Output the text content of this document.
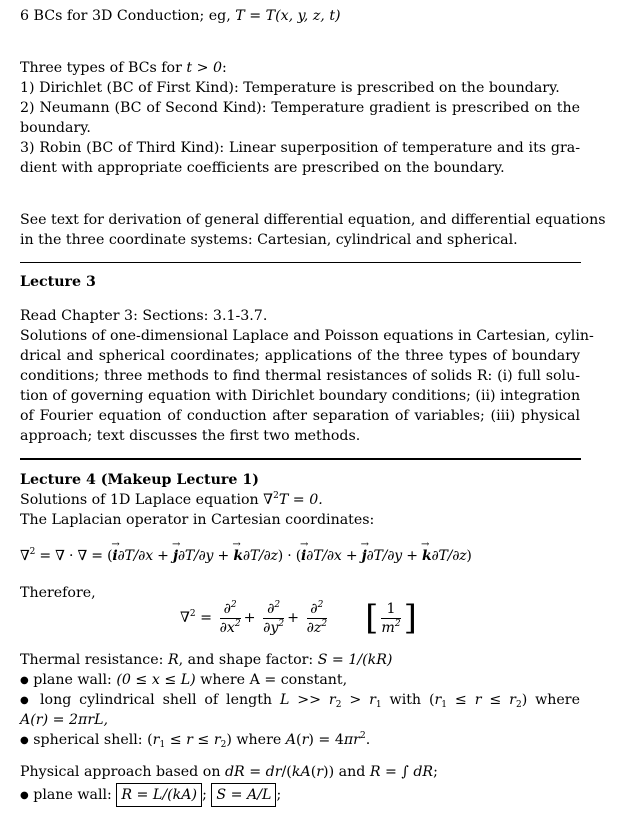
6 BCs for 3D Conduction; eg, T = T(x, y, z, t)
Three types of BCs for t > 0:
1) Dirichlet (BC of First Kind): Temperature is prescribed on the boundary.
2) Neumann (BC of Second Kind): Temperature gradient is prescribed on the
boundary.
3) Robin (BC of Third Kind): Linear superposition of temperature and its gra-
dient with appropriate coefficients are prescribed on the boundary.
See text for derivation of general differential equation, and differential equations
in the three coordinate systems: Cartesian, cylindrical and spherical.
Lecture 3
Read Chapter 3: Sections: 3.1-3.7.
Solutions of one-dimensional Laplace and Poisson equations in Cartesian, cylin-
drical and spherical coordinates; applications of the three types of boundary
conditions; three methods to find thermal resistances of solids R: (i) full solu-
tion of governing equation with Dirichlet boundary conditions; (ii) integration
of Fourier equation of conduction after separation of variables; (iii) physical
approach; text discusses the first two methods.
Lecture 4 (Makeup Lecture 1)
Solutions of 1D Laplace equation ∇$^2$T = 0.
The Laplacian operator in Cartesian coordinates:
∇$^2$ = ∇ · ∇ = (→ i∂T/∂x + → j∂T/∂y + → k∂T/∂z) · (→ i∂T/∂x + → j∂T/∂y + → k∂T/∂z)
Therefore,
$\nabla^2 = \frac{\partial^2}{\partial x^2} + \frac{\partial^2}{\partial y^2} + \frac{\partial^2}{\partial z^2}$ [ $\frac{1}{m^2}$ ]
Thermal resistance: R, and shape factor: S = 1/(kR)
● plane wall: (0 ≤ x ≤ L) where A = constant,
● long cylindrical shell of length $L >> r_2 > r_1$ with $(r_1 \le r \le r_2)$ where
A(r) = 2πrL,
● spherical shell: $(r_1 \le r \le r_2)$ where $A(r) = 4\pi r^2$.
Physical approach based on dR = dr/(kA(r)) and R = ∫ dR;
● plane wall: R = L/(kA) ; S = A/L ;
